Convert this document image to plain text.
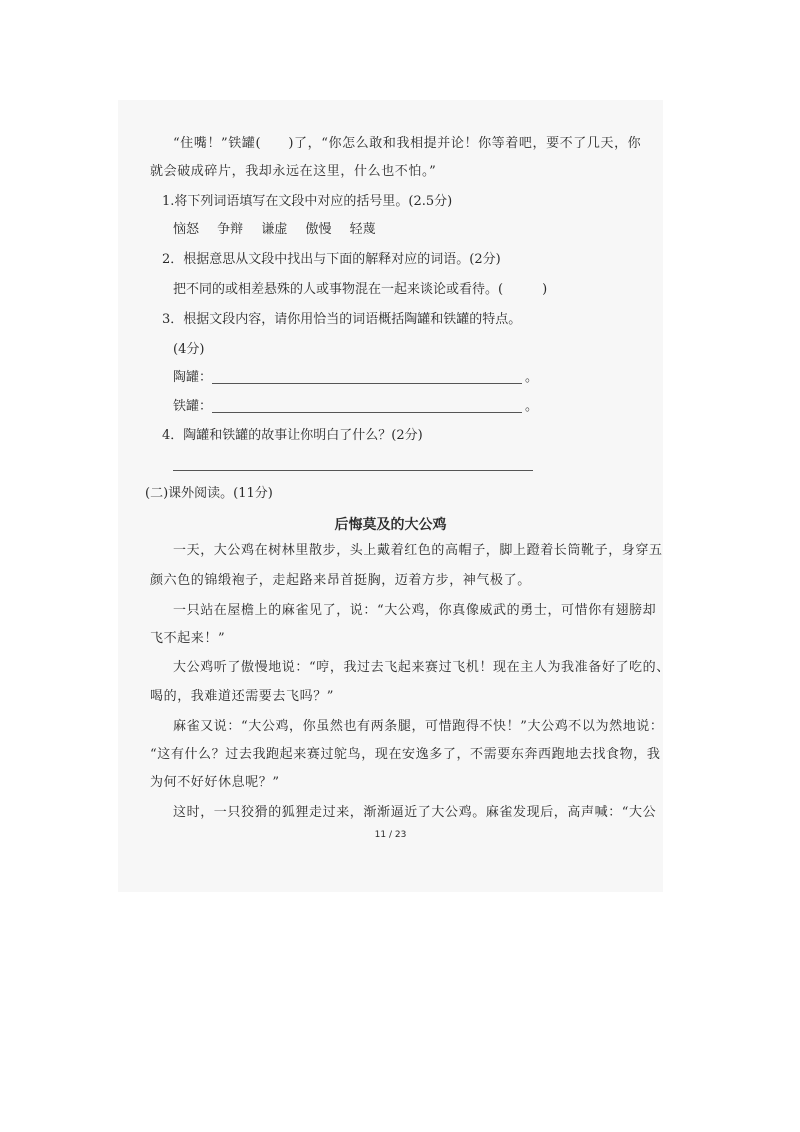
“住嘴！”铁罐(　　)了，“你怎么敢和我相提并论！你等着吧，要不了几天，你
就会破成碎片，我却永远在这里，什么也不怕。”
1.将下列词语填写在文段中对应的括号里。(2.5分)
恼怒 争辩 谦虚 傲慢 轻蔑
2．根据意思从文段中找出与下面的解释对应的词语。(2分)
把不同的或相差悬殊的人或事物混在一起来谈论或看待。(　　　)
3．根据文段内容，请你用恰当的词语概括陶罐和铁罐的特点。
(4分)
陶罐：	。
铁罐：	。
4．陶罐和铁罐的故事让你明白了什么？(2分)
(二)课外阅读。(11分)
后悔莫及的大公鸡
一天，大公鸡在树林里散步，头上戴着红色的高帽子，脚上蹬着长筒靴子，身穿五
颜六色的锦缎袍子，走起路来昂首挺胸，迈着方步，神气极了。
一只站在屋檐上的麻雀见了，说：“大公鸡，你真像威武的勇士，可惜你有翅膀却
飞不起来！”
大公鸡听了傲慢地说：“哼，我过去飞起来赛过飞机！现在主人为我准备好了吃的、
喝的，我难道还需要去飞吗？”
麻雀又说：“大公鸡，你虽然也有两条腿，可惜跑得不快！”大公鸡不以为然地说：
“这有什么？过去我跑起来赛过鸵鸟，现在安逸多了，不需要东奔西跑地去找食物，我
为何不好好休息呢？”
这时，一只狡猾的狐狸走过来，渐渐逼近了大公鸡。麻雀发现后，高声喊：“大公
11 / 23
